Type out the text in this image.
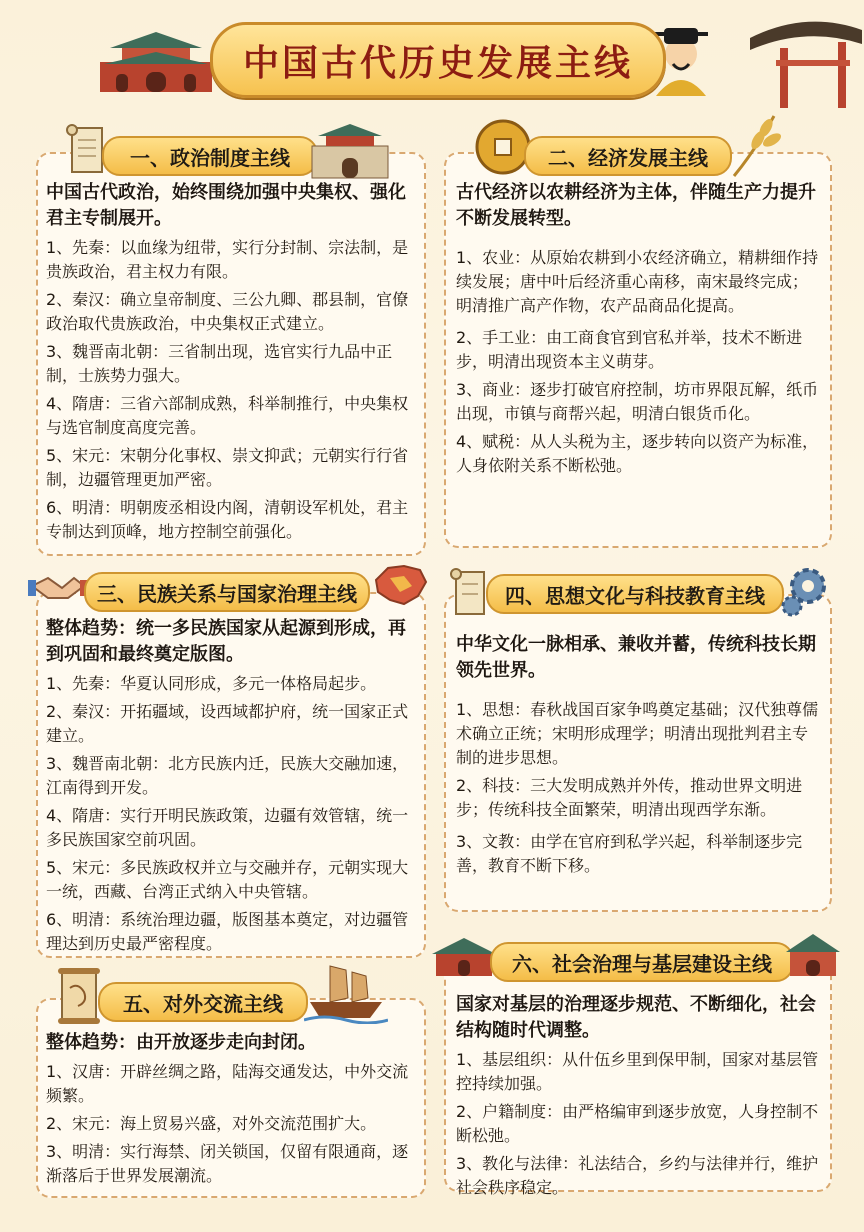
中国古代历史发展主线
一、政治制度主线
中国古代政治，始终围绕加强中央集权、强化君主专制展开。
1、先秦：以血缘为纽带，实行分封制、宗法制，是贵族政治，君主权力有限。
2、秦汉：确立皇帝制度、三公九卿、郡县制，官僚政治取代贵族政治，中央集权正式建立。
3、魏晋南北朝：三省制出现，选官实行九品中正制，士族势力强大。
4、隋唐：三省六部制成熟，科举制推行，中央集权与选官制度高度完善。
5、宋元：宋朝分化事权、崇文抑武；元朝实行行省制，边疆管理更加严密。
6、明清：明朝废丞相设内阁，清朝设军机处，君主专制达到顶峰，地方控制空前强化。
二、经济发展主线
古代经济以农耕经济为主体，伴随生产力提升不断发展转型。
1、农业：从原始农耕到小农经济确立，精耕细作持续发展；唐中叶后经济重心南移，南宋最终完成；明清推广高产作物，农产品商品化提高。
2、手工业：由工商食官到官私并举，技术不断进步，明清出现资本主义萌芽。
3、商业：逐步打破官府控制，坊市界限瓦解，纸币出现，市镇与商帮兴起，明清白银货币化。
4、赋税：从人头税为主，逐步转向以资产为标准，人身依附关系不断松弛。
三、民族关系与国家治理主线
整体趋势：统一多民族国家从起源到形成，再到巩固和最终奠定版图。
1、先秦：华夏认同形成，多元一体格局起步。
2、秦汉：开拓疆域，设西域都护府，统一国家正式建立。
3、魏晋南北朝：北方民族内迁，民族大交融加速，江南得到开发。
4、隋唐：实行开明民族政策，边疆有效管辖，统一多民族国家空前巩固。
5、宋元：多民族政权并立与交融并存，元朝实现大一统，西藏、台湾正式纳入中央管辖。
6、明清：系统治理边疆，版图基本奠定，对边疆管理达到历史最严密程度。
四、思想文化与科技教育主线
中华文化一脉相承、兼收并蓄，传统科技长期领先世界。
1、思想：春秋战国百家争鸣奠定基础；汉代独尊儒术确立正统；宋明形成理学；明清出现批判君主专制的进步思想。
2、科技：三大发明成熟并外传，推动世界文明进步；传统科技全面繁荣，明清出现西学东渐。
3、文教：由学在官府到私学兴起，科举制逐步完善，教育不断下移。
五、对外交流主线
整体趋势：由开放逐步走向封闭。
1、汉唐：开辟丝绸之路，陆海交通发达，中外交流频繁。
2、宋元：海上贸易兴盛，对外交流范围扩大。
3、明清：实行海禁、闭关锁国，仅留有限通商，逐渐落后于世界发展潮流。
六、社会治理与基层建设主线
国家对基层的治理逐步规范、不断细化，社会结构随时代调整。
1、基层组织：从什伍乡里到保甲制，国家对基层管控持续加强。
2、户籍制度：由严格编审到逐步放宽，人身控制不断松弛。
3、教化与法律：礼法结合，乡约与法律并行，维护社会秩序稳定。
